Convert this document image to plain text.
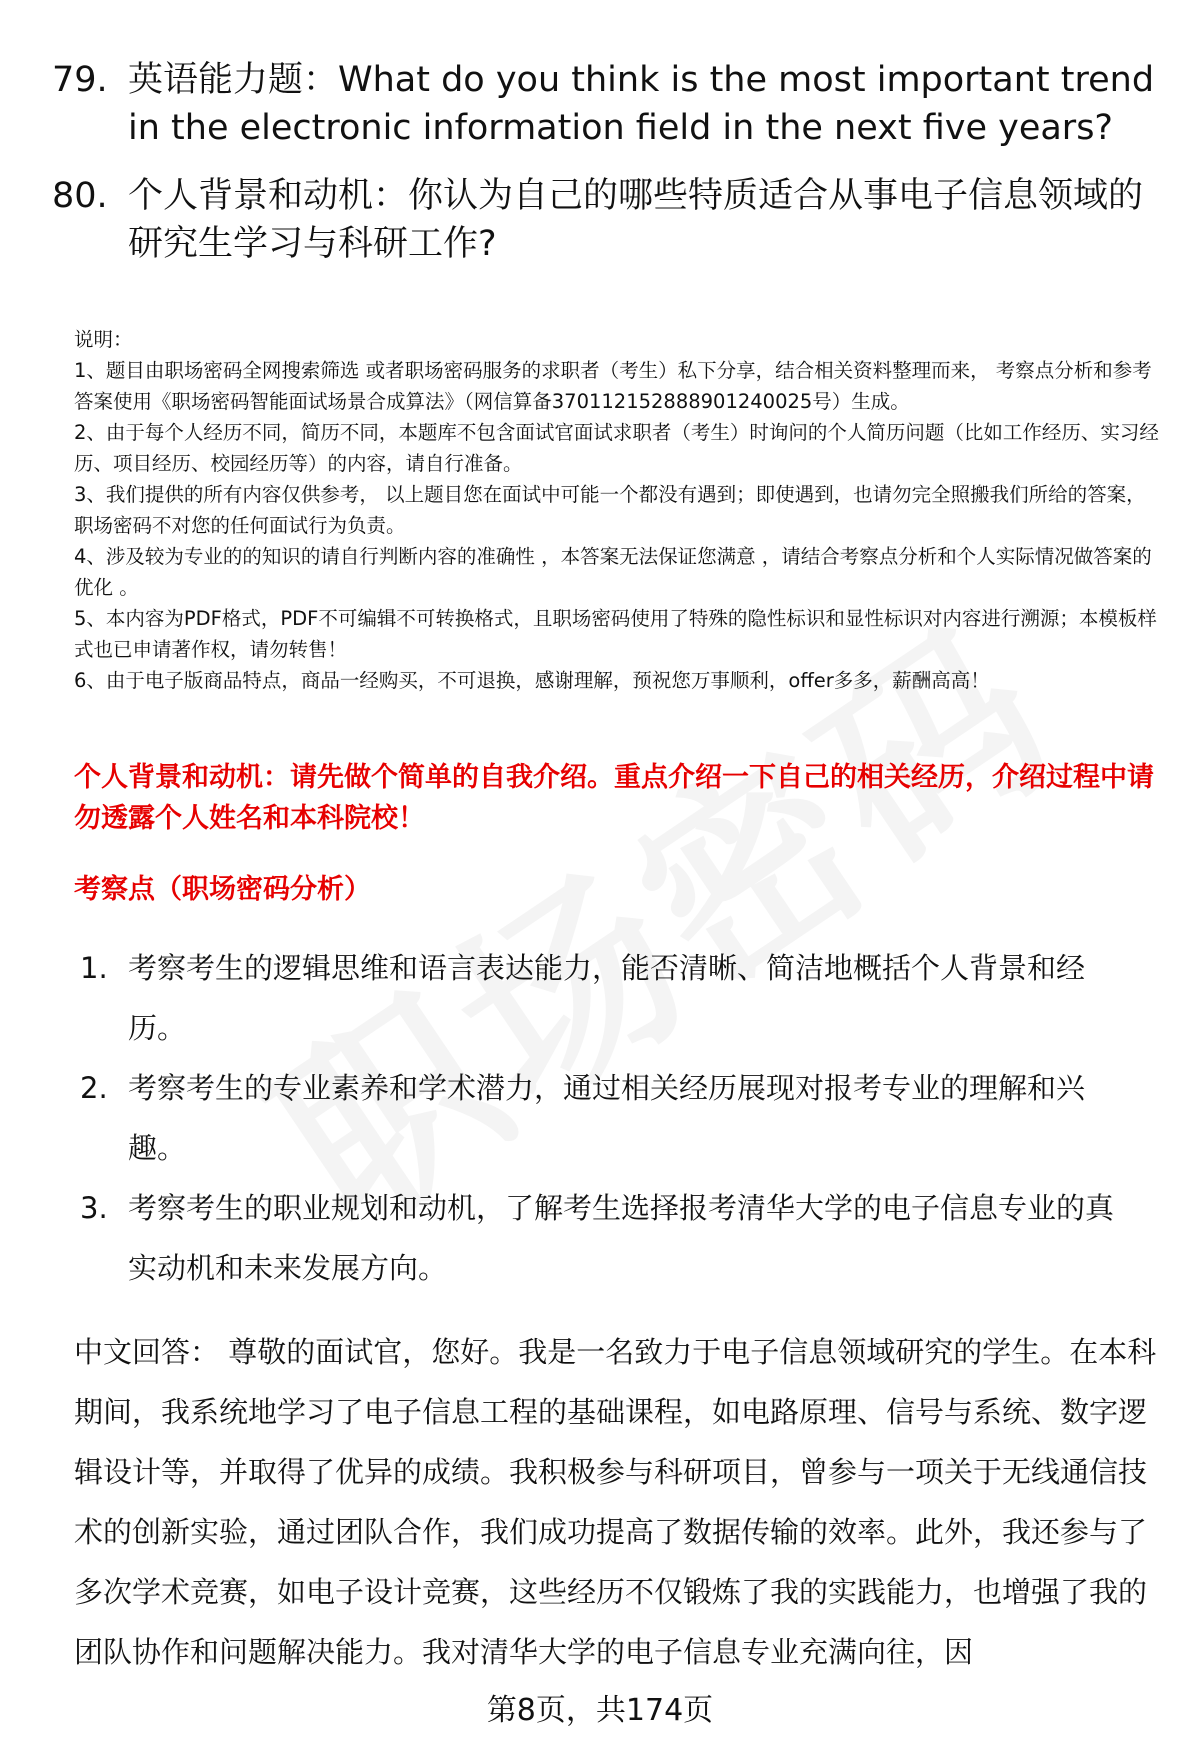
79. 英语能力题：What do you think is the most important trend in the electronic information field in the next five years?
80. 个人背景和动机：你认为自己的哪些特质适合从事电子信息领域的研究生学习与科研工作?
说明：
1、题目由职场密码全网搜索筛选 或者职场密码服务的求职者（考生）私下分享，结合相关资料整理而来， 考察点分析和参考答案使用《职场密码智能面试场景合成算法》（网信算备370112152888901240025号）生成。
2、由于每个人经历不同，简历不同，本题库不包含面试官面试求职者（考生）时询问的个人简历问题（比如工作经历、实习经历、项目经历、校园经历等）的内容，请自行准备。
3、我们提供的所有内容仅供参考， 以上题目您在面试中可能一个都没有遇到；即使遇到，也请勿完全照搬我们所给的答案，职场密码不对您的任何面试行为负责。
4、涉及较为专业的的知识的请自行判断内容的准确性 ，本答案无法保证您满意 ，请结合考察点分析和个人实际情况做答案的优化 。
5、本内容为PDF格式，PDF不可编辑不可转换格式，且职场密码使用了特殊的隐性标识和显性标识对内容进行溯源；本模板样式也已申请著作权，请勿转售！
6、由于电子版商品特点，商品一经购买，不可退换，感谢理解，预祝您万事顺利，offer多多，薪酬高高！
个人背景和动机：请先做个简单的自我介绍。重点介绍一下自己的相关经历，介绍过程中请勿透露个人姓名和本科院校！
考察点（职场密码分析）
1. 考察考生的逻辑思维和语言表达能力，能否清晰、简洁地概括个人背景和经历。
2. 考察考生的专业素养和学术潜力，通过相关经历展现对报考专业的理解和兴趣。
3. 考察考生的职业规划和动机，了解考生选择报考清华大学的电子信息专业的真实动机和未来发展方向。
中文回答： 尊敬的面试官，您好。我是一名致力于电子信息领域研究的学生。在本科期间，我系统地学习了电子信息工程的基础课程，如电路原理、信号与系统、数字逻辑设计等，并取得了优异的成绩。我积极参与科研项目，曾参与一项关于无线通信技术的创新实验，通过团队合作，我们成功提高了数据传输的效率。此外，我还参与了多次学术竞赛，如电子设计竞赛，这些经历不仅锻炼了我的实践能力，也增强了我的团队协作和问题解决能力。我对清华大学的电子信息专业充满向往，因
第8页，共174页
